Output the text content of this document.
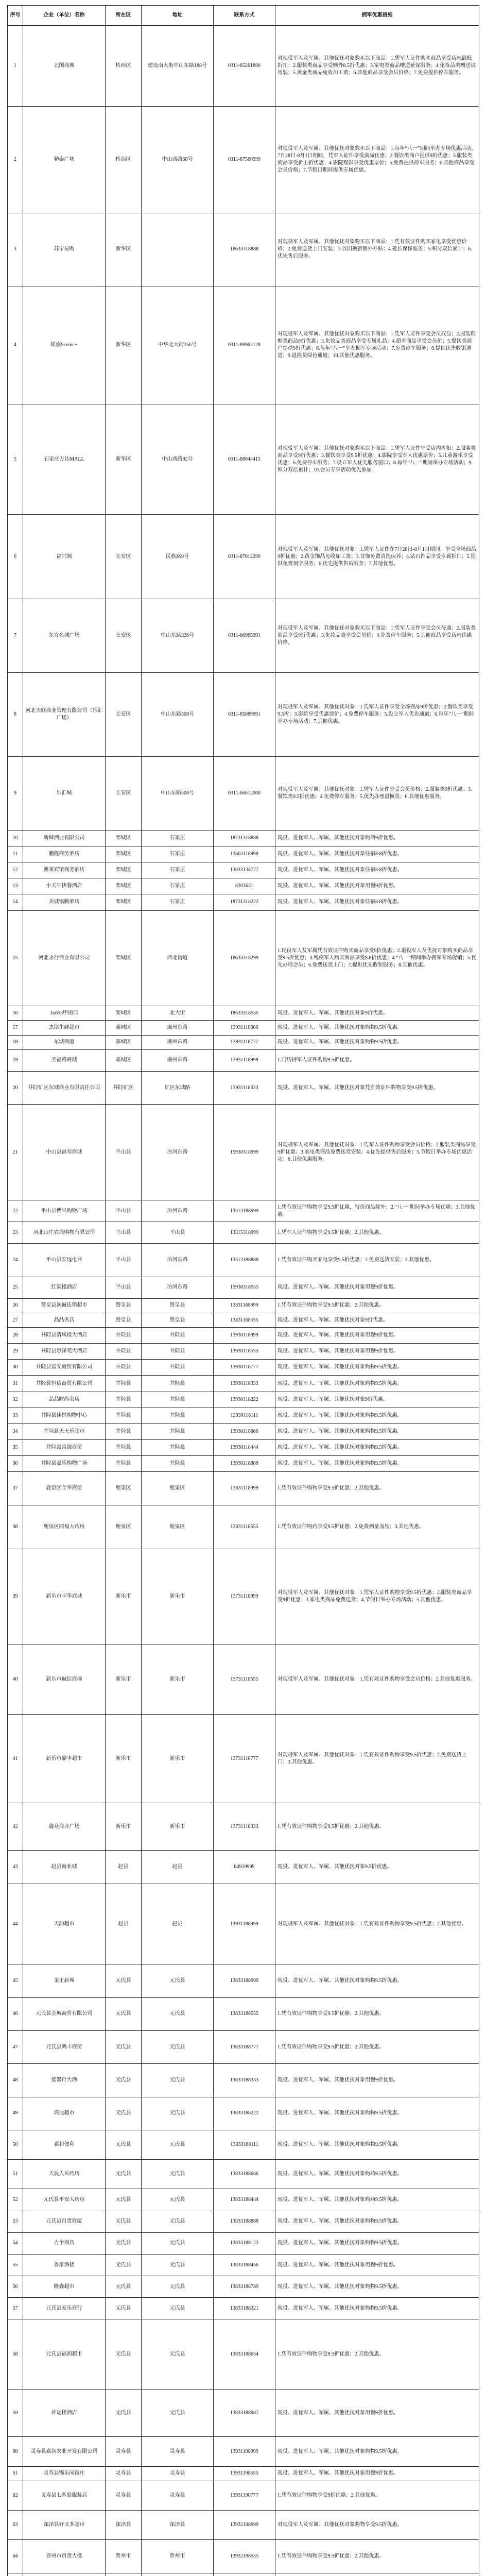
序号	企业（单位）名称	所在区	地址	联系方式	拥军优惠措施
1	北国商城	桥西区	建设南大街中山东路188号	0311-85261890	对现役军人及军属、其他优抚对象购买以下商品：1.凭军人证件购买商品享受店内最低折扣；2.服装类商品享受额外8.5折优惠；3.家电类商品赠送延保服务；4.化妆品类赠送试用装；5.黄金类商品免收加工费；6.其他商品享受会员价格；7.免费提供停车服务。
2	勒泰广场	桥西区	中山西路68号	0311-87560599	对现役军人及军属、其他优抚对象购买以下商品：1.每年“八一”期间举办专场优惠活动，7月28日-8月1日期间，凭军人证件享受满减优惠；2.餐饮类商户提供9折优惠；3.服装类商品享受折上折优惠；4.影院观影享受优惠票价；5.免费提供停车服务；6.其他商品享受会员价格；7.节假日期间提供专属优惠。
3	苏宁易购	新华区		18633318888	对现役军人及军属、其他优抚对象购买以下商品：1.凭有效证件购买家电享受优惠价格；2.免费送货上门安装；3.以旧换新额外补贴；4.延长保修服务；5.积分双倍累计；6.优先售后服务。
4	银座Scenic+	新华区	中华北大街256号	0311-89962128	对现役军人及军属、其他优抚对象购买以下商品：1.凭军人证件享受会员权益；2.服装鞋帽类商品9折优惠；3.化妆品类商品享受专属礼品；4.超市商品享受会员价；5.餐饮类商户提供9折优惠；6.每年“八一”举办拥军专场活动；7.免费停车服务；8.提供优先收银通道；9.退换货绿色通道；10.其他优惠服务。
5	石家庄万达MALL	新华区	中山西路92号	0311-88044415	对现役军人及军属、其他优抚对象购买以下商品：1.凭军人证件享受店内折扣；2.服装类商品享受9折优惠；3.餐饮类享受9.5折优惠；4.影院享受军人优惠票价；5.儿童游乐享受优惠；6.免费停车服务；7.设立军人优先服务窗口；8.每年“八一”期间举办专场活动；9.积分双倍累计；10.会员专享活动优先参加。
6	福兴阁	长安区	民族路9号	0311-87012299	对现役军人及军属、其他优抚对象：1.凭军人证件在7月28日-8月1日期间，享受全场商品9折优惠；2.黄金饰品免收加工费；3.首饰免费清洗保养；4.钻石饰品享受专属折扣；5.提供免费刻字服务；6.优先提供售后服务；7.其他优惠。
7	东方名城广场	长安区	中山东路326号	0311-86965991	对现役军人及军属、其他优抚对象购买以下商品：1.凭军人证件享受会员待遇；2.服装类商品享受9折优惠；3.化妆品类享受会员价；4.免费停车服务；5.其他商品享受店内优惠价格。
8	河北天联商业管理有限公司（乐汇广场）	长安区	中山东路508号	0311-85089991	对现役军人及军属、其他优抚对象：1.凭军人证件享受全场商品9折优惠；2.餐饮类享受9.5折；3.影院享受优惠票价；4.免费停车服务；5.设立军人优先通道；6.每年“八一”期间举办专场活动；7.其他优惠。
9	乐汇城	长安区	中山东路508号	0311-66612000	对现役军人及军属、其他优抚对象：1.凭军人证件享受会员价格；2.服装类9折优惠；3.餐饮类9.5折优惠；4.免费停车服务；5.优先办理退换货；6.其他优惠服务。
10	新城酒业有限公司	栾城区	石家庄	18731318888	现役、进优军人、军属、其他优抚对象购酒9折优惠。
11	鹏程商务酒店	栾城区	石家庄	13603118999	现役、进优军人、军属、其他优抚对象住宿8.8折优惠。
12	澳莱宾馆商务酒店	栾城区	石家庄	13833138777	现役、进优军人、军属、其他优抚对象住宿8.8折优惠。
13	小天牛快餐酒店	栾城区	石家庄	8303631	现役、进优军人、军属、其他优抚对象用餐9折优惠。
14	美诚铭腾酒店	栾城区	石家庄	18731318222	现役、进优军人、军属、其他优抚对象住宿8.8折优惠。
15	河北永行商业有限公司	栾城区	西北街道	18633318299	1.现役军人及军属凭有效证件购买商品享受9折优惠；2.退役军人及优抚对象购买商品享受9.5折优惠；3.残疾军人购买商品享受8.8折优惠；4.“八一”期间举办拥军专场促销；5.优先办理会员；6.免费送货上门；7.提供优先收银服务；8.其他优惠。
16	3x653甲街店	栾城区	北大街	18633318555	现役、进优军人、军属、其他优抚对象9折优惠。
17	杰铭生鲜超市	藁城区	廉州东路	13931118666	现役、进优军人、军属、其他优抚对象购物9.5折优惠。
18	东城商厦	藁城区	廉州东路	13931118777	现役、进优军人、军属、其他优抚对象购物9.5折优惠。
19	圣福路商城	藁城区	廉州东路	13931118999	1.门店持军人证件购物9.5折优惠。
20	井陉矿区东城商业有限责任公司	井陉矿区	矿区东城路	13931118333	现役、进优军人、军属、其他优抚对象凭有效证件购物享受9.5折优惠。
21	中山县福寿商城	平山县	冶河东路	15930318999	对现役军人及军属、其他优抚对象：1.凭军人证件购物享受会员价格；2.服装类商品享受9折优惠；3.家电类商品免费送货安装；4.优先提供售后服务；5.节假日举办专场优惠活动；6.其他优惠服务。
22	平山县博兴购物广场	平山县	冶河东路	13313188999	1.凭有效证件购物享受9.5折优惠，特价商品除外；2.“八一”期间举办专场优惠；3.其他优惠。
23	河北山庄农商购物有限公司	平山县	平山县	13315318999	1.凭军人证件购物享受9.5折优惠；2.其他优惠。
24	平山县宏远电器	平山县	冶河东路	13313188888	1.凭有效证件购买家电享受9.5折优惠；2.免费送货安装；3.其他优惠。
25	红满楼酒店	平山县	冶河东路	15930318555	现役、进优军人、军属、其他优抚对象用餐9折优惠。
26	赞皇县润诚连锁超市	赞皇县	赞皇县	13831168999	1.凭有效证件购物享受9.5折优惠；2.其他优惠。
27	晶品名店	赞皇县	赞皇县	13831168555	现役、进优军人、军属、其他优抚对象9折优惠。
28	井陉县清风楼大酒店	井陉县	井陉县	13930118999	现役、进优军人、军属、其他优抚对象用餐9折优惠。
29	井陉县惠泽苑大酒店	井陉县	井陉县	13930118555	现役、进优军人、军属、其他优抚对象用餐9折优惠。
30	井陉县富安商贸有限公司	井陉县	井陉县	13930118777	现役、进优军人、军属、其他优抚对象购物9.5折优惠。
31	井陉县恒信商贸有限公司	井陉县	井陉县	13930118333	现役、进优军人、军属、其他优抚对象购物9.5折优惠。
32	晶品时尚名店	井陉县	井陉县	13930118222	现役、进优军人、军属、其他优抚对象9折优惠。
33	井陉县佳悦购物中心	井陉县	井陉县	13930118111	现役、进优军人、军属、其他优抚对象购物9.5折优惠。
34	井陉县天天乐超市	井陉县	井陉县	13930118666	现役、进优军人、军属、其他优抚对象购物9.5折优惠。
35	井陉县富源商贸	井陉县	井陉县	13930118444	现役、进优军人、军属、其他优抚对象购物9.5折优惠。
36	井陉县嘉乐购物广场	井陉县	井陉县	13930118888	现役、进优军人、军属、其他优抚对象购物9.5折优惠。
37	鹿泉区全华商贸	鹿泉区	鹿泉区	13831118999	1.凭有效证件购物享受9.5折优惠；2.其他优惠。
38	鹿泉区同福大药房	鹿泉区	鹿泉区	13831118555	1.凭有效证件购药享受9.5折优惠；2.免费测量血压；3.其他优惠。
39	新乐市丰华商城	新乐市	新乐市	13731118999	对现役军人及军属、其他优抚对象：1.凭军人证件购物享受9.5折优惠；2.服装类商品享受9折优惠；3.家电类商品免费送货；4.节假日举办专场活动；5.其他优惠。
40	新乐市诚信商场	新乐市	新乐市	13731118555	对现役军人及军属、其他优抚对象：1.凭有效证件购物享受会员价格；2.其他优惠服务。
41	新乐市鼎丰超市	新乐市	新乐市	13731118777	对现役军人及军属、其他优抚对象：1.凭有效证件购物享受9.5折优惠；2.免费送货上门；3.其他优惠。
42	鑫众商业广场	新乐市	新乐市	13731118333	1.凭有效证件购物享受9.5折优惠；2.其他优惠。
43	赵县商业城	赵县	赵县	84919999	现役、进优军人、军属、其他优抚对象9.5折优惠。
44	天韵超市	赵县	赵县	13931188999	对现役军人及军属、其他优抚对象：1.凭有效证件购物享受9.5折优惠；2.其他优惠。
45	金正新城	元氏县	元氏县	13833188999	现役、进优军人、军属、其他优抚对象购物9.5折优惠。
46	元氏县金城商贸有限公司	元氏县	元氏县	13833188555	1.凭有效证件购物享受9.5折优惠；2.其他优惠。
47	元氏县鸿丰商贸	元氏县	元氏县	13833188777	1.凭有效证件购物享受9.5折优惠；2.其他优惠。
48	德馨行大酒	元氏县	元氏县	13833188333	现役、进优军人、军属、其他优抚对象用餐9折优惠。
49	鸿达超市	元氏县	元氏县	13833188222	现役、进优军人、军属、其他优抚对象购物9.5折优惠。
50	嘉和便利	元氏县	元氏县	13833188111	现役、进优军人、军属、其他优抚对象购物9.5折优惠。
51	天晨人民药店	元氏县	元氏县	13833188666	现役、进优军人、军属、其他优抚对象购药9.5折优惠。
52	元氏县平安大药房	元氏县	元氏县	13833188444	现役、进优军人、军属、其他优抚对象购药9.5折优惠。
53	元氏县百货商厦	元氏县	元氏县	13833188888	现役、进优军人、军属、其他优抚对象购物9.5折优惠。
54	力争商店	元氏县	元氏县	13833188123	现役、进优军人、军属、其他优抚对象购物9.5折优惠。
55	鲁家酒楼	元氏县	元氏县	13833188456	现役、进优军人、军属、其他优抚对象用餐9折优惠。
56	隆鑫超市	元氏县	元氏县	13833188789	现役、进优军人、军属、其他优抚对象购物9.5折优惠。
57	元氏县家乐商行	元氏县	元氏县	13833188321	现役、进优军人、军属、其他优抚对象购物9.5折优惠。
58	元氏县福润超市	元氏县	元氏县	13833188654	1.凭有效证件购物享受9.5折优惠；2.其他优惠。
59	神运楼酒店	元氏县	元氏县	13833188987	现役、进优军人、军属、其他优抚对象用餐9折优惠。
60	灵寿县嘉润农业开发有限公司	灵寿县	灵寿县	13931198999	现役、进优军人、军属、其他优抚对象购物9.5折优惠。
61	灵寿县锦乐园饭庄	灵寿县	灵寿县	13931198555	现役、进优军人、军属、其他优抚对象用餐9折优惠。
62	灵寿县七匹狼服装店	灵寿县	灵寿县	13931198777	1.凭有效证件购物享受9折优惠；2.其他优惠。
63	深泽县好又多超市	深泽县	深泽县	13932198999	对现役军人及军属、其他优抚对象购物享受9.5折优惠。
64	晋州市百货大楼	晋州市	晋州市	13932198555	1.凭有效证件购物享受9.5折优惠；2.其他优惠。
